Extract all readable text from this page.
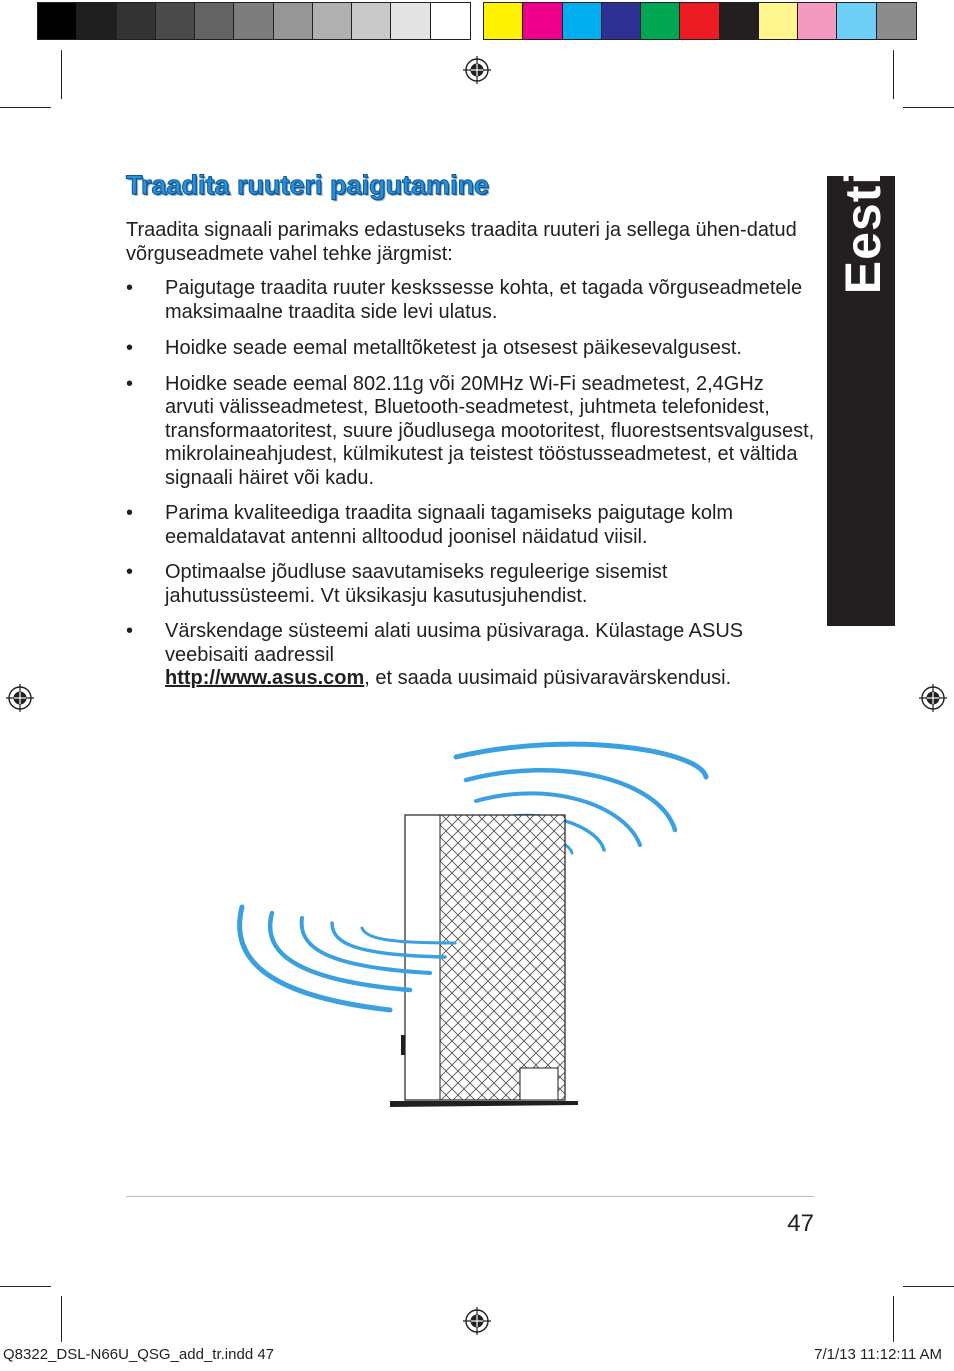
Eesti
Traadita ruuteri paigutamine
Traadita signaali parimaks edastuseks traadita ruuteri ja sellega ühen-datud võrguseadmete vahel tehke järgmist:
• Paigutage traadita ruuter keskssesse kohta, et tagada võrguseadmetele maksimaalne traadita side levi ulatus.
• Hoidke seade eemal metalltõketest ja otsesest päikesevalgusest.
• Hoidke seade eemal 802.11g või 20MHz Wi-Fi seadmetest, 2,4GHz arvuti välisseadmetest, Bluetooth-seadmetest, juhtmeta telefonidest, transformaatoritest, suure jõudlusega mootoritest, fluorestsentsvalgusest, mikrolaineahjudest, külmikutest ja teistest tööstusseadmetest, et vältida signaali häiret või kadu.
• Parima kvaliteediga traadita signaali tagamiseks paigutage kolm eemaldatavat antenni alltoodud joonisel näidatud viisil.
• Optimaalse jõudluse saavutamiseks reguleerige sisemist jahutussüsteemi. Vt üksikasju kasutusjuhendist.
• Värskendage süsteemi alati uusima püsivaraga. Külastage ASUS veebisaiti aadressil
http://www.asus.com, et saada uusimaid püsivaravärskendusi.
47
Q8322_DSL-N66U_QSG_add_tr.indd 47	7/1/13 11:12:11 AM
